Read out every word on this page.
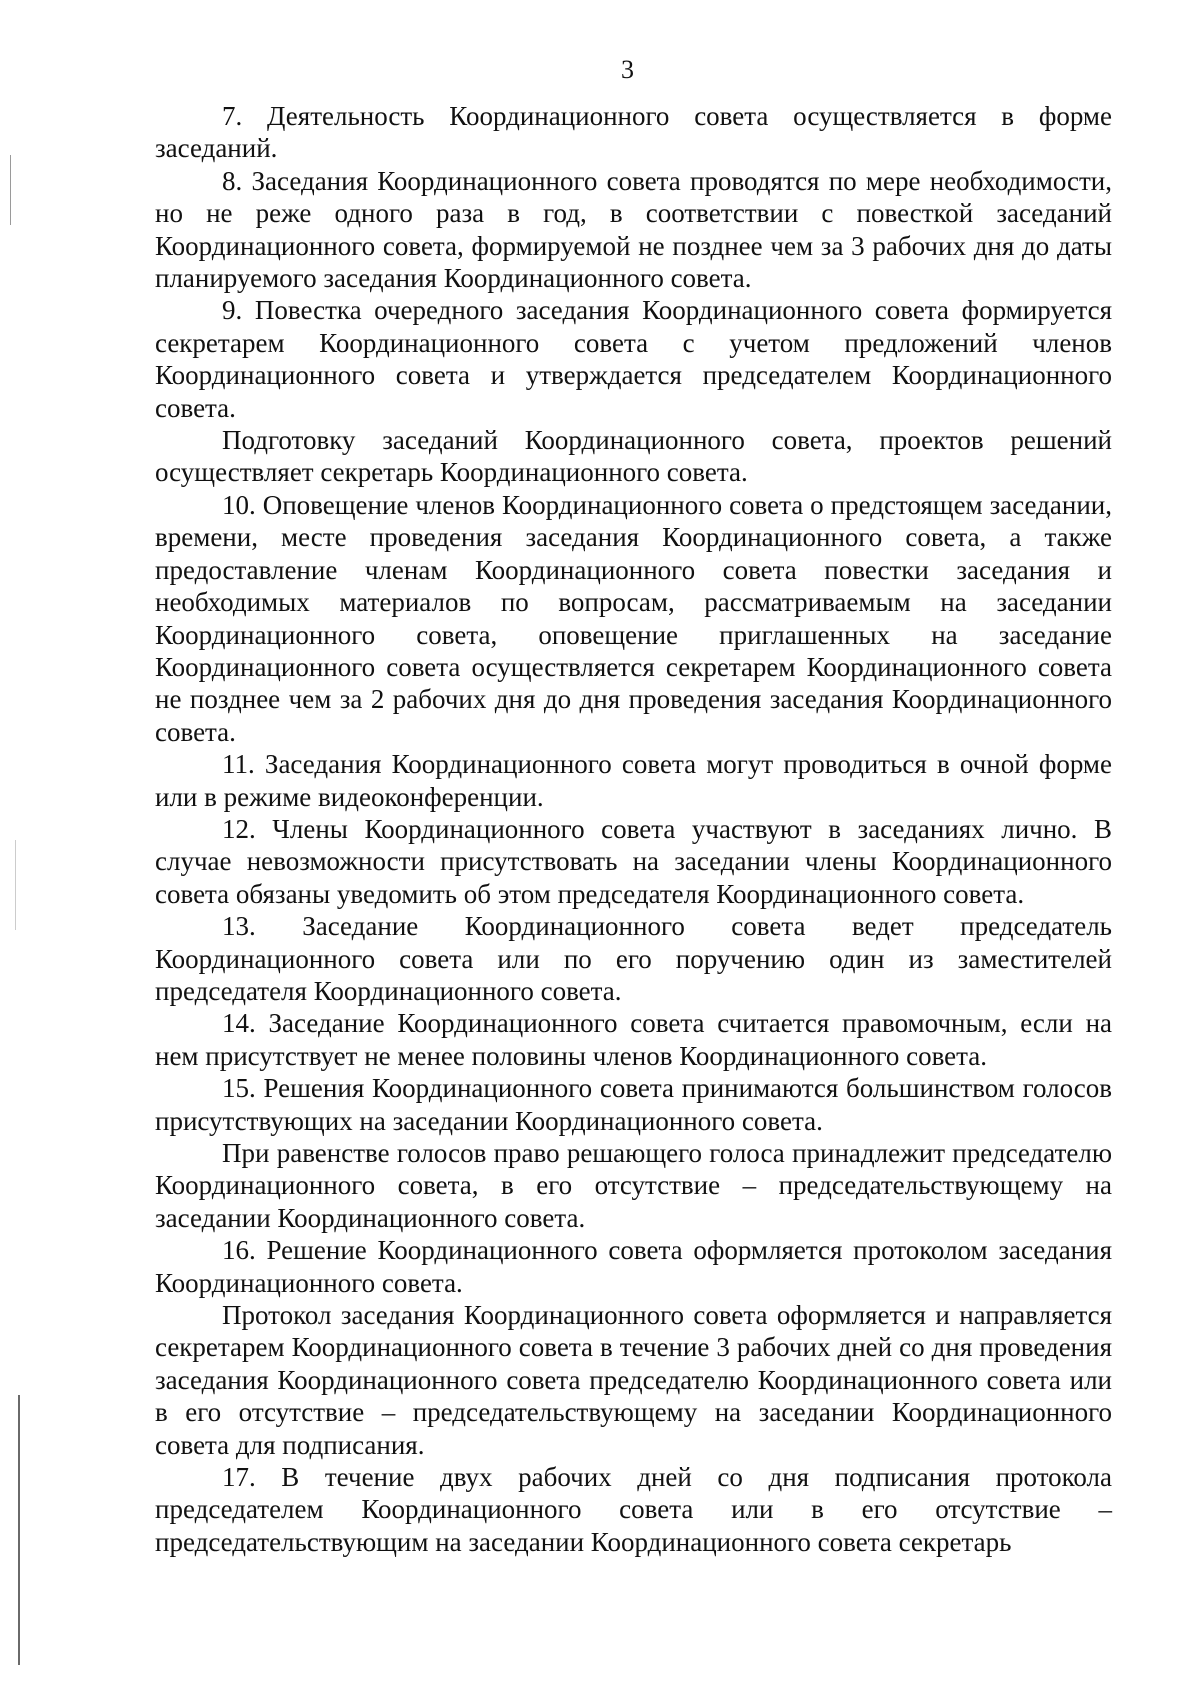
3

7. Деятельность Координационного совета осуществляется в форме заседаний.

8. Заседания Координационного совета проводятся по мере необходимости, но не реже одного раза в год, в соответствии с повесткой заседаний Координационного совета, формируемой не позднее чем за 3 рабочих дня до даты планируемого заседания Координационного совета.

9. Повестка очередного заседания Координационного совета формируется секретарем Координационного совета с учетом предложений членов Координационного совета и утверждается председателем Координационного совета.

Подготовку заседаний Координационного совета, проектов решений осуществляет секретарь Координационного совета.

10. Оповещение членов Координационного совета о предстоящем заседании, времени, месте проведения заседания Координационного совета, а также предоставление членам Координационного совета повестки заседания и необходимых материалов по вопросам, рассматриваемым на заседании Координационного совета, оповещение приглашенных на заседание Координационного совета осуществляется секретарем Координационного совета не позднее чем за 2 рабочих дня до дня проведения заседания Координационного совета.

11. Заседания Координационного совета могут проводиться в очной форме или в режиме видеоконференции.

12. Члены Координационного совета участвуют в заседаниях лично. В случае невозможности присутствовать на заседании члены Координационного совета обязаны уведомить об этом председателя Координационного совета.

13. Заседание Координационного совета ведет председатель Координационного совета или по его поручению один из заместителей председателя Координационного совета.

14. Заседание Координационного совета считается правомочным, если на нем присутствует не менее половины членов Координационного совета.

15. Решения Координационного совета принимаются большинством голосов присутствующих на заседании Координационного совета.

При равенстве голосов право решающего голоса принадлежит председателю Координационного совета, в его отсутствие – председательствующему на заседании Координационного совета.

16. Решение Координационного совета оформляется протоколом заседания Координационного совета.

Протокол заседания Координационного совета оформляется и направляется секретарем Координационного совета в течение 3 рабочих дней со дня проведения заседания Координационного совета председателю Координационного совета или в его отсутствие – председательствующему на заседании Координационного совета для подписания.

17. В течение двух рабочих дней со дня подписания протокола председателем Координационного совета или в его отсутствие – председательствующим на заседании Координационного совета секретарь
